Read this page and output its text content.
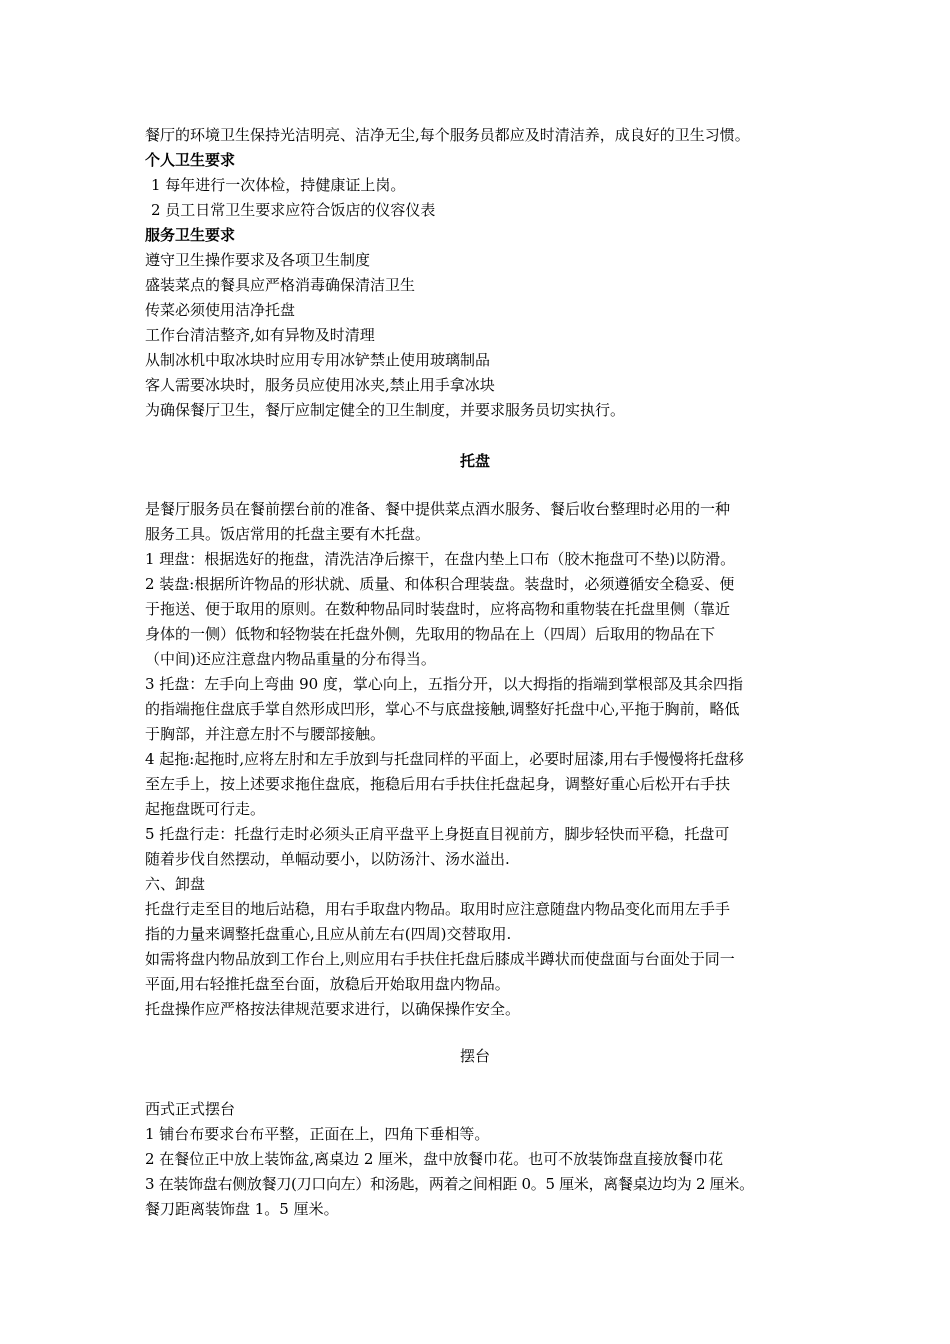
餐厅的环境卫生保持光洁明亮、洁净无尘,每个服务员都应及时清洁养，成良好的卫生习惯。
个人卫生要求
1 每年进行一次体检，持健康证上岗。
2 员工日常卫生要求应符合饭店的仪容仪表
服务卫生要求
遵守卫生操作要求及各项卫生制度
盛装菜点的餐具应严格消毒确保清洁卫生
传菜必须使用洁净托盘
工作台清洁整齐,如有异物及时清理
从制冰机中取冰块时应用专用冰铲禁止使用玻璃制品
客人需要冰块时，服务员应使用冰夹,禁止用手拿冰块
为确保餐厅卫生，餐厅应制定健全的卫生制度，并要求服务员切实执行。
托盘
是餐厅服务员在餐前摆台前的准备、餐中提供菜点酒水服务、餐后收台整理时必用的一种
服务工具。饭店常用的托盘主要有木托盘。
1 理盘：根据选好的拖盘，清洗洁净后擦干，在盘内垫上口布（胶木拖盘可不垫)以防滑。
2 装盘:根据所许物品的形状就、质量、和体积合理装盘。装盘时，必须遵循安全稳妥、便
于拖送、便于取用的原则。在数种物品同时装盘时，应将高物和重物装在托盘里侧（靠近
身体的一侧）低物和轻物装在托盘外侧，先取用的物品在上（四周）后取用的物品在下
（中间)还应注意盘内物品重量的分布得当。
3 托盘：左手向上弯曲 90 度，掌心向上，五指分开，以大拇指的指端到掌根部及其余四指
的指端拖住盘底手掌自然形成凹形，掌心不与底盘接触,调整好托盘中心,平拖于胸前，略低
于胸部，并注意左肘不与腰部接触。
4 起拖:起拖时,应将左肘和左手放到与托盘同样的平面上，必要时屈漆,用右手慢慢将托盘移
至左手上，按上述要求拖住盘底，拖稳后用右手扶住托盘起身，调整好重心后松开右手扶
起拖盘既可行走。
5 托盘行走：托盘行走时必须头正肩平盘平上身挺直目视前方，脚步轻快而平稳，托盘可
随着步伐自然摆动，单幅动要小，以防汤汁、汤水溢出.
六、卸盘
托盘行走至目的地后站稳，用右手取盘内物品。取用时应注意随盘内物品变化而用左手手
指的力量来调整托盘重心,且应从前左右(四周)交替取用.
如需将盘内物品放到工作台上,则应用右手扶住托盘后膝成半蹲状而使盘面与台面处于同一
平面,用右轻推托盘至台面，放稳后开始取用盘内物品。
托盘操作应严格按法律规范要求进行，以确保操作安全。
摆台
西式正式摆台
1 铺台布要求台布平整，正面在上，四角下垂相等。
2 在餐位正中放上装饰盆,离桌边 2 厘米，盘中放餐巾花。也可不放装饰盘直接放餐巾花
3 在装饰盘右侧放餐刀(刀口向左）和汤匙，两着之间相距 0。5 厘米，离餐桌边均为 2 厘米。
餐刀距离装饰盘 1。5 厘米。
